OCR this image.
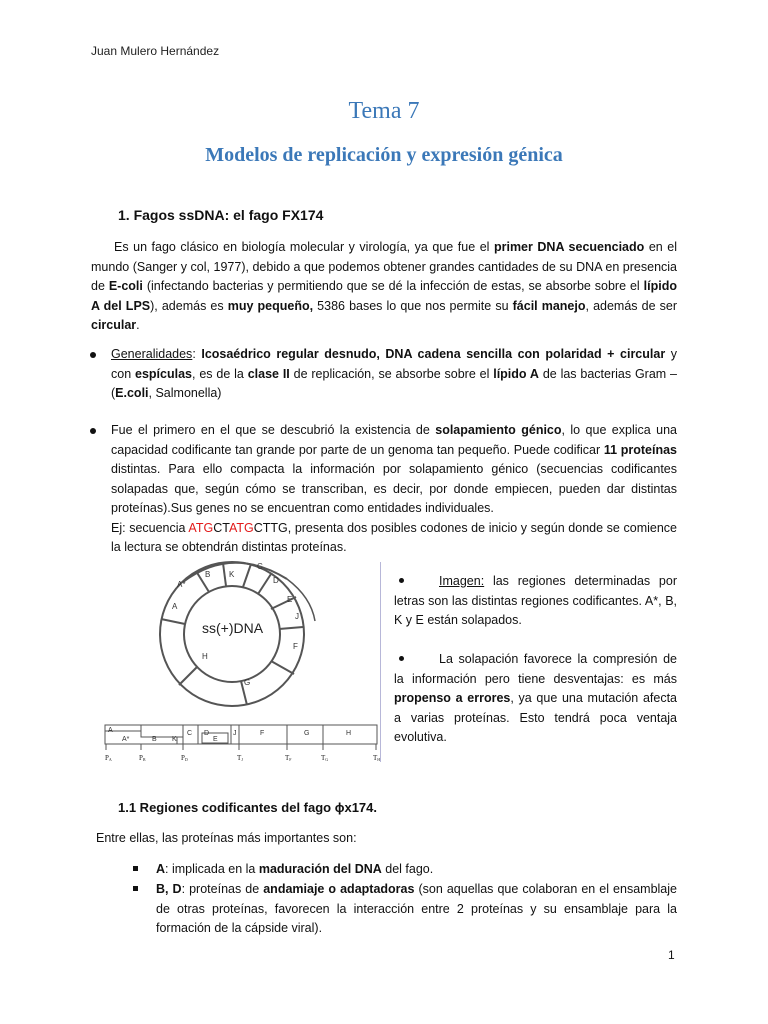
Juan Mulero Hernández
Tema 7
Modelos de replicación y expresión génica
1. Fagos ssDNA: el fago FX174
Es un fago clásico en biología molecular y virología, ya que fue el primer DNA secuenciado en el mundo (Sanger y col, 1977), debido a que podemos obtener grandes cantidades de su DNA en presencia de E-coli (infectando bacterias y permitiendo que se dé la infección de estas, se absorbe sobre el lípido A del LPS), además es muy pequeño, 5386 bases lo que nos permite su fácil manejo, además de ser circular.
Generalidades: Icosaédrico regular desnudo, DNA cadena sencilla con polaridad + circular y con espículas, es de la clase II de replicación, se absorbe sobre el lípido A de las bacterias Gram – (E.coli, Salmonella)
Fue el primero en el que se descubrió la existencia de solapamiento génico, lo que explica una capacidad codificante tan grande por parte de un genoma tan pequeño. Puede codificar 11 proteínas distintas. Para ello compacta la información por solapamiento génico (secuencias codificantes solapadas que, según cómo se transcriban, es decir, por donde empiecen, pueden dar distintas proteínas).Sus genes no se encuentran como entidades individuales.
Ej: secuencia ATGCTATGCTTG, presenta dos posibles codones de inicio y según donde se comience la lectura se obtendrán distintas proteínas.
ss(+)DNA
A*
B K
C
D
E
J
F
G
H
A
A
A*	B K
C D
E
J	F	G	H
PA	PB	PD	TJ	TF	TG	TH
Imagen: las regiones determinadas por letras son las distintas regiones codificantes. A*, B, K y E están solapados.
La solapación favorece la compresión de la información pero tiene desventajas: es más propenso a errores, ya que una mutación afecta a varias proteínas. Esto tendrá poca ventaja evolutiva.
1.1 Regiones codificantes del fago ɸx174.
Entre ellas, las proteínas más importantes son:
A: implicada en la maduración del DNA del fago.
B, D: proteínas de andamiaje o adaptadoras (son aquellas que colaboran en el ensamblaje de otras proteínas, favorecen la interacción entre 2 proteínas y su ensamblaje para la formación de la cápside viral).
1
